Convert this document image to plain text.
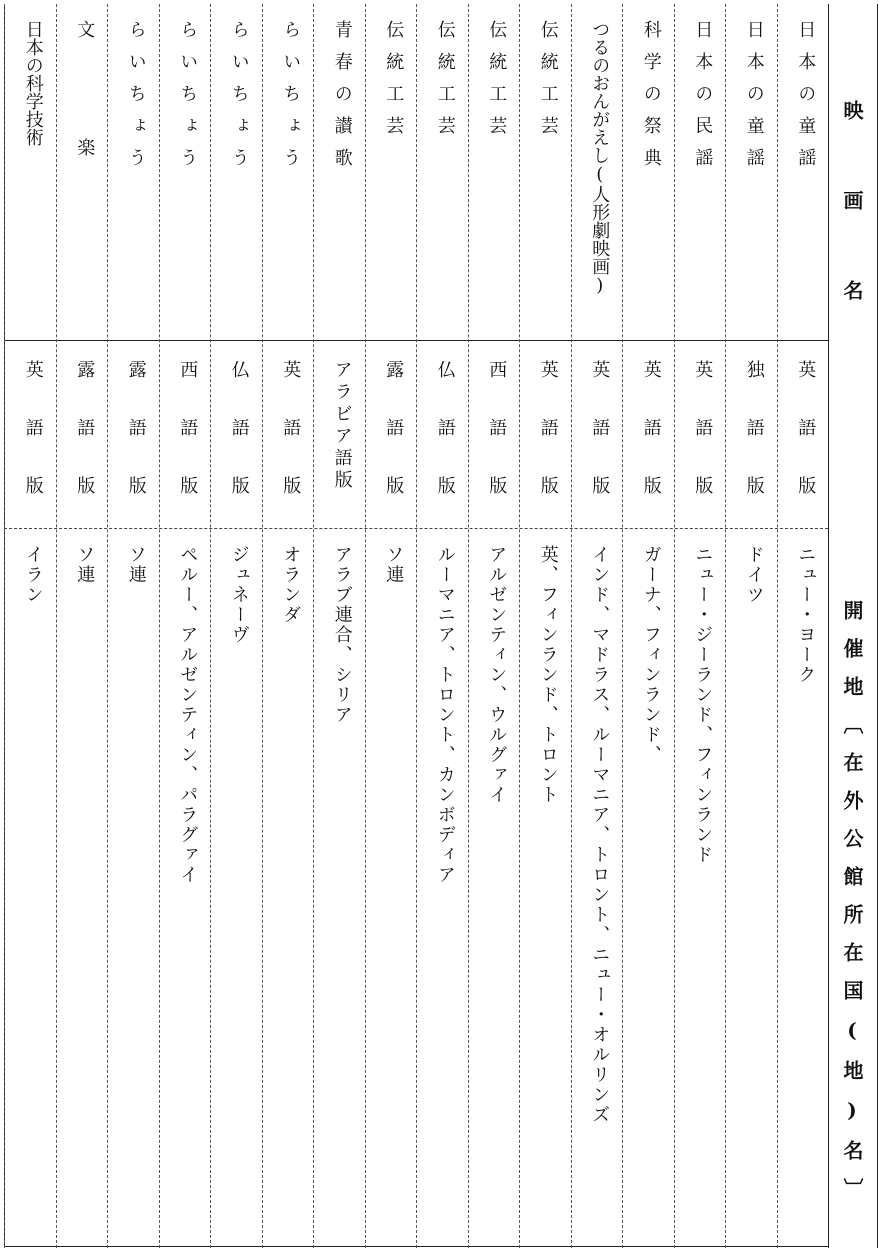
映画名
開催地〔在外公館所在国(地)名〕
日本の童謡
英語版
ニュー・ヨーク
日本の童謡
独語版
ドイツ
日本の民謡
英語版
ニュー・ジーランド、フィンランド
科学の祭典
英語版
ガーナ、フィンランド、
つるのおんがえし(人形劇映画)
英語版
インド、マドラス、ルーマニア、トロント、ニュー・オルリンズ
伝統工芸
英語版
英、フィンランド、トロント
伝統工芸
西語版
アルゼンティン、ウルグァイ
伝統工芸
仏語版
ルーマニア、トロント、カンボディア
伝統工芸
露語版
ソ連
青春の讃歌
アラビア語版
アラブ連合、シリア
らいちょう
英語版
オランダ
らいちょう
仏語版
ジュネーヴ
らいちょう
西語版
ペルー、アルゼンティン、パラグァイ
らいちょう
露語版
ソ連
文楽
露語版
ソ連
日本の科学技術
英語版
イラン
